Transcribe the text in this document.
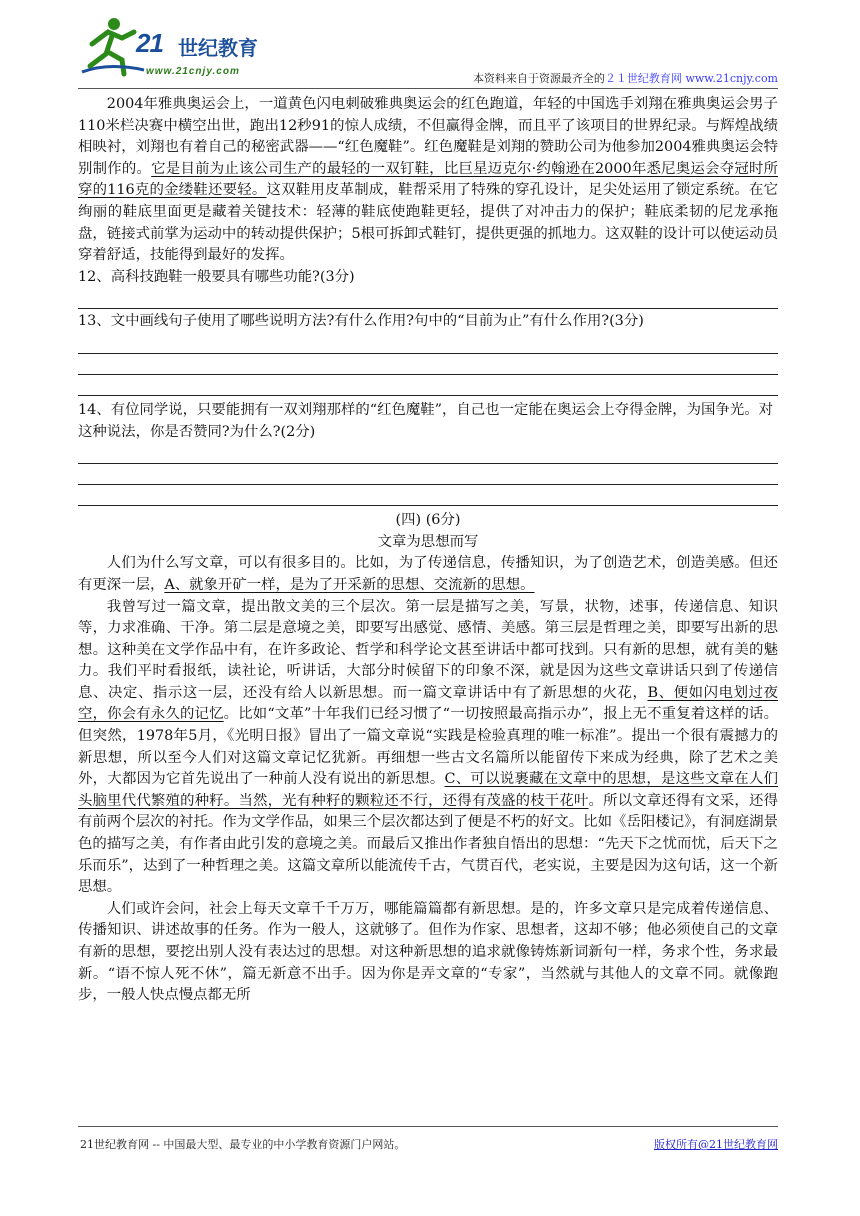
21 世纪教育
www.21cnjy.com
本资料来自于资源最齐全的２１世纪教育网 www.21cnjy.com

2004年雅典奥运会上，一道黄色闪电刺破雅典奥运会的红色跑道，年轻的中国选手刘翔在雅典奥运会男子110米栏决赛中横空出世，跑出12秒91的惊人成绩，不但赢得金牌，而且平了该项目的世界纪录。与辉煌战绩相映衬，刘翔也有着自己的秘密武器——“红色魔鞋”。红色魔鞋是刘翔的赞助公司为他参加2004雅典奥运会特别制作的。它是目前为止该公司生产的最轻的一双钉鞋，比巨星迈克尔·约翰逊在2000年悉尼奥运会夺冠时所穿的116克的金缕鞋还要轻。这双鞋用皮革制成，鞋帮采用了特殊的穿孔设计，足尖处运用了锁定系统。在它绚丽的鞋底里面更是藏着关键技术：轻薄的鞋底使跑鞋更轻，提供了对冲击力的保护；鞋底柔韧的尼龙承拖盘，链接式前掌为运动中的转动提供保护；5根可拆卸式鞋钉，提供更强的抓地力。这双鞋的设计可以使运动员穿着舒适，技能得到最好的发挥。

12、高科技跑鞋一般要具有哪些功能?(3分)

13、文中画线句子使用了哪些说明方法?有什么作用?句中的“目前为止”有什么作用?(3分)

14、有位同学说，只要能拥有一双刘翔那样的“红色魔鞋”，自己也一定能在奥运会上夺得金牌，为国争光。对这种说法，你是否赞同?为什么?(2分)

(四) (6分)

文章为思想而写

人们为什么写文章，可以有很多目的。比如，为了传递信息，传播知识，为了创造艺术，创造美感。但还有更深一层，A、就象开矿一样，是为了开采新的思想、交流新的思想。

我曾写过一篇文章，提出散文美的三个层次。第一层是描写之美，写景，状物，述事，传递信息、知识等，力求准确、干净。第二层是意境之美，即要写出感觉、感情、美感。第三层是哲理之美，即要写出新的思想。这种美在文学作品中有，在许多政论、哲学和科学论文甚至讲话中都可找到。只有新的思想，就有美的魅力。我们平时看报纸，读社论，听讲话，大部分时候留下的印象不深，就是因为这些文章讲话只到了传递信息、决定、指示这一层，还没有给人以新思想。而一篇文章讲话中有了新思想的火花，B、便如闪电划过夜空，你会有永久的记忆。比如“文革”十年我们已经习惯了“一切按照最高指示办”，报上无不重复着这样的话。但突然，1978年5月，《光明日报》冒出了一篇文章说“实践是检验真理的唯一标准”。提出一个很有震撼力的新思想，所以至今人们对这篇文章记忆犹新。再细想一些古文名篇所以能留传下来成为经典，除了艺术之美外，大都因为它首先说出了一种前人没有说出的新思想。C、可以说裹藏在文章中的思想，是这些文章在人们头脑里代代繁殖的种籽。当然，光有种籽的颗粒还不行，还得有茂盛的枝干花叶。所以文章还得有文采，还得有前两个层次的衬托。作为文学作品，如果三个层次都达到了便是不朽的好文。比如《岳阳楼记》，有洞庭湖景色的描写之美，有作者由此引发的意境之美。而最后又推出作者独自悟出的思想：“先天下之忧而忧，后天下之乐而乐”，达到了一种哲理之美。这篇文章所以能流传千古，气贯百代，老实说，主要是因为这句话，这一个新思想。

人们或许会问，社会上每天文章千千万万，哪能篇篇都有新思想。是的，许多文章只是完成着传递信息、传播知识、讲述故事的任务。作为一般人，这就够了。但作为作家、思想者，这却不够；他必须使自己的文章有新的思想，要挖出别人没有表达过的思想。对这种新思想的追求就像铸炼新词新句一样，务求个性，务求最新。“语不惊人死不休”，篇无新意不出手。因为你是弄文章的“专家”，当然就与其他人的文章不同。就像跑步，一般人快点慢点都无所

21世纪教育网 -- 中国最大型、最专业的中小学教育资源门户网站。	版权所有@21世纪教育网
